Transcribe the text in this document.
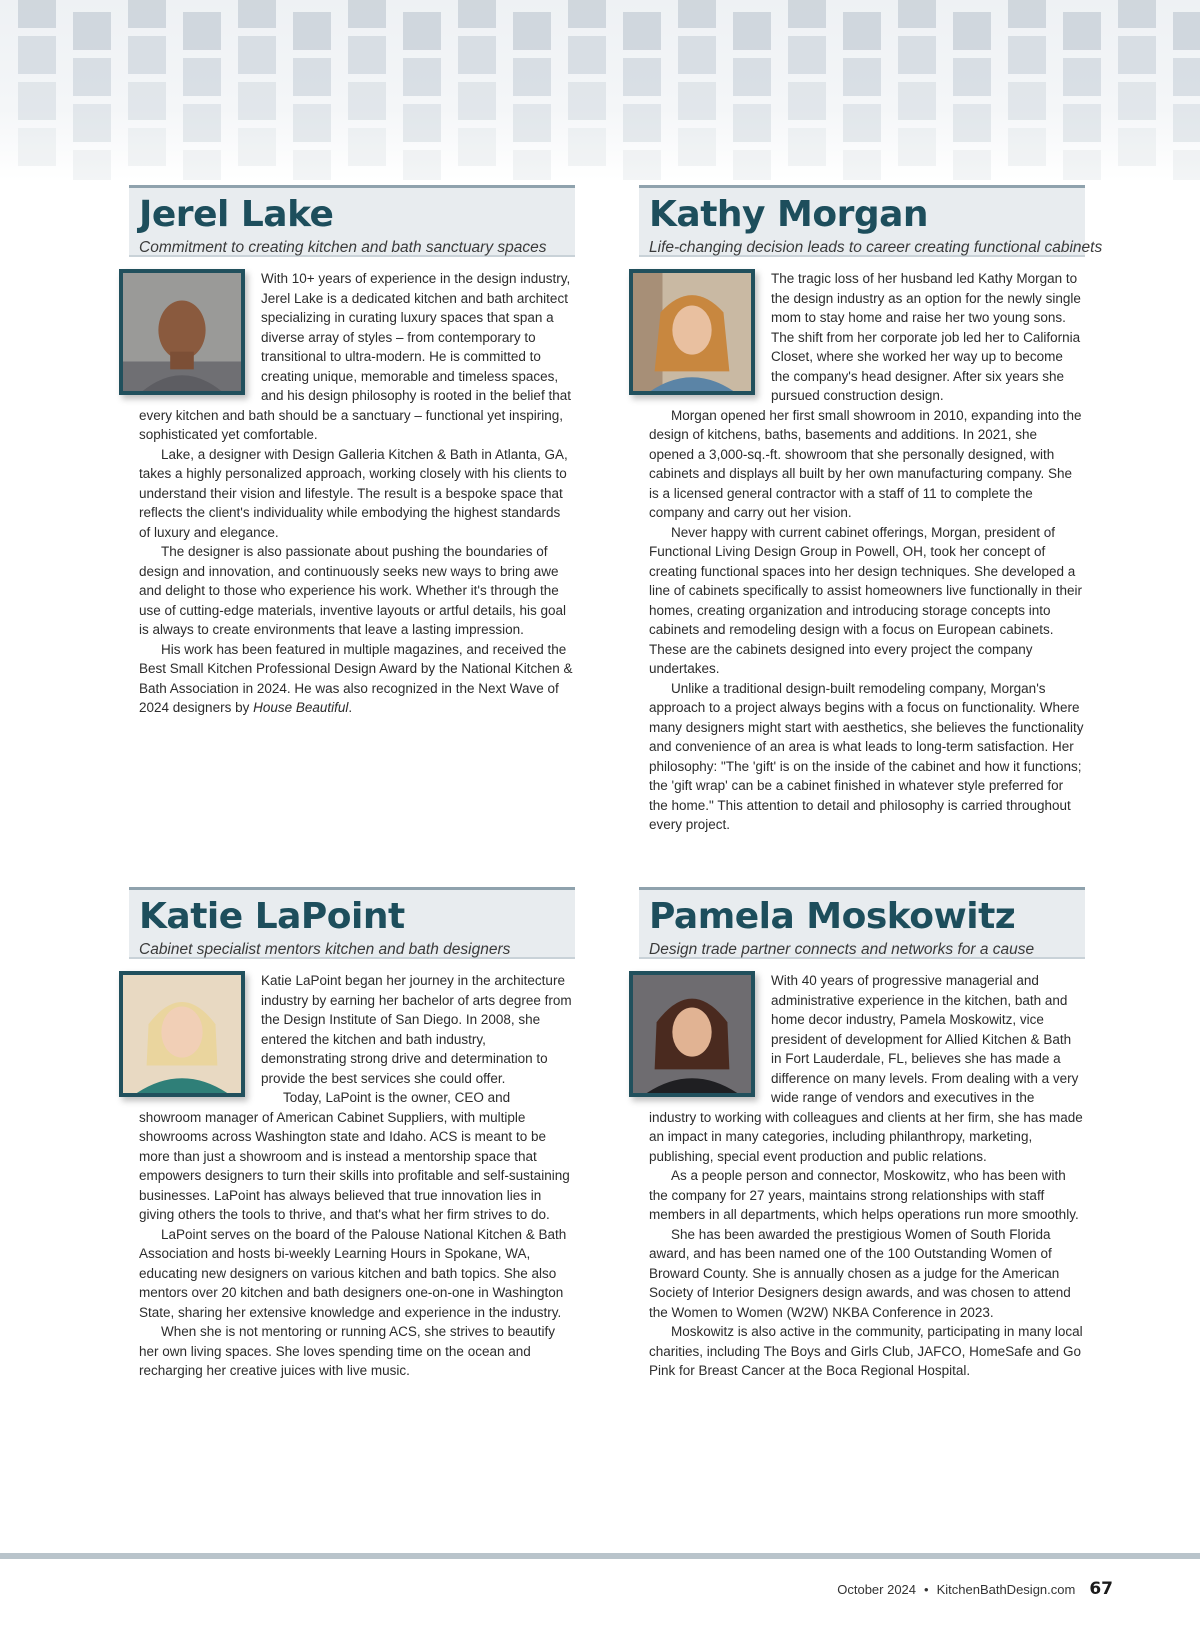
Jerel Lake
Commitment to creating kitchen and bath sanctuary spaces

With 10+ years of experience in the design industry, Jerel Lake is a dedicated kitchen and bath architect specializing in curating luxury spaces that span a diverse array of styles – from contemporary to transitional to ultra-modern. He is committed to creating unique, memorable and timeless spaces, and his design philosophy is rooted in the belief that every kitchen and bath should be a sanctuary – functional yet inspiring, sophisticated yet comfortable.

Lake, a designer with Design Galleria Kitchen & Bath in Atlanta, GA, takes a highly personalized approach, working closely with his clients to understand their vision and lifestyle. The result is a bespoke space that reflects the client's individuality while embodying the highest standards of luxury and elegance.

The designer is also passionate about pushing the boundaries of design and innovation, and continuously seeks new ways to bring awe and delight to those who experience his work. Whether it's through the use of cutting-edge materials, inventive layouts or artful details, his goal is always to create environments that leave a lasting impression.

His work has been featured in multiple magazines, and received the Best Small Kitchen Professional Design Award by the National Kitchen & Bath Association in 2024. He was also recognized in the Next Wave of 2024 designers by House Beautiful.

Kathy Morgan
Life-changing decision leads to career creating functional cabinets

The tragic loss of her husband led Kathy Morgan to the design industry as an option for the newly single mom to stay home and raise her two young sons. The shift from her corporate job led her to California Closet, where she worked her way up to become the company's head designer. After six years she pursued construction design.

Morgan opened her first small showroom in 2010, expanding into the design of kitchens, baths, basements and additions. In 2021, she opened a 3,000-sq.-ft. showroom that she personally designed, with cabinets and displays all built by her own manufacturing company. She is a licensed general contractor with a staff of 11 to complete the company and carry out her vision.

Never happy with current cabinet offerings, Morgan, president of Functional Living Design Group in Powell, OH, took her concept of creating functional spaces into her design techniques. She developed a line of cabinets specifically to assist homeowners live functionally in their homes, creating organization and introducing storage concepts into cabinets and remodeling design with a focus on European cabinets. These are the cabinets designed into every project the company undertakes.

Unlike a traditional design-built remodeling company, Morgan's approach to a project always begins with a focus on functionality. Where many designers might start with aesthetics, she believes the functionality and convenience of an area is what leads to long-term satisfaction. Her philosophy: "The 'gift' is on the inside of the cabinet and how it functions; the 'gift wrap' can be a cabinet finished in whatever style preferred for the home." This attention to detail and philosophy is carried throughout every project.

Katie LaPoint
Cabinet specialist mentors kitchen and bath designers

Katie LaPoint began her journey in the architecture industry by earning her bachelor of arts degree from the Design Institute of San Diego. In 2008, she entered the kitchen and bath industry, demonstrating strong drive and determination to provide the best services she could offer.

Today, LaPoint is the owner, CEO and showroom manager of American Cabinet Suppliers, with multiple showrooms across Washington state and Idaho. ACS is meant to be more than just a showroom and is instead a mentorship space that empowers designers to turn their skills into profitable and self-sustaining businesses. LaPoint has always believed that true innovation lies in giving others the tools to thrive, and that's what her firm strives to do.

LaPoint serves on the board of the Palouse National Kitchen & Bath Association and hosts bi-weekly Learning Hours in Spokane, WA, educating new designers on various kitchen and bath topics. She also mentors over 20 kitchen and bath designers one-on-one in Washington State, sharing her extensive knowledge and experience in the industry.

When she is not mentoring or running ACS, she strives to beautify her own living spaces. She loves spending time on the ocean and recharging her creative juices with live music.

Pamela Moskowitz
Design trade partner connects and networks for a cause

With 40 years of progressive managerial and administrative experience in the kitchen, bath and home decor industry, Pamela Moskowitz, vice president of development for Allied Kitchen & Bath in Fort Lauderdale, FL, believes she has made a difference on many levels. From dealing with a very wide range of vendors and executives in the industry to working with colleagues and clients at her firm, she has made an impact in many categories, including philanthropy, marketing, publishing, special event production and public relations.

As a people person and connector, Moskowitz, who has been with the company for 27 years, maintains strong relationships with staff members in all departments, which helps operations run more smoothly.

She has been awarded the prestigious Women of South Florida award, and has been named one of the 100 Outstanding Women of Broward County. She is annually chosen as a judge for the American Society of Interior Designers design awards, and was chosen to attend the Women to Women (W2W) NKBA Conference in 2023.

Moskowitz is also active in the community, participating in many local charities, including The Boys and Girls Club, JAFCO, HomeSafe and Go Pink for Breast Cancer at the Boca Regional Hospital.

October 2024 • KitchenBathDesign.com 67
